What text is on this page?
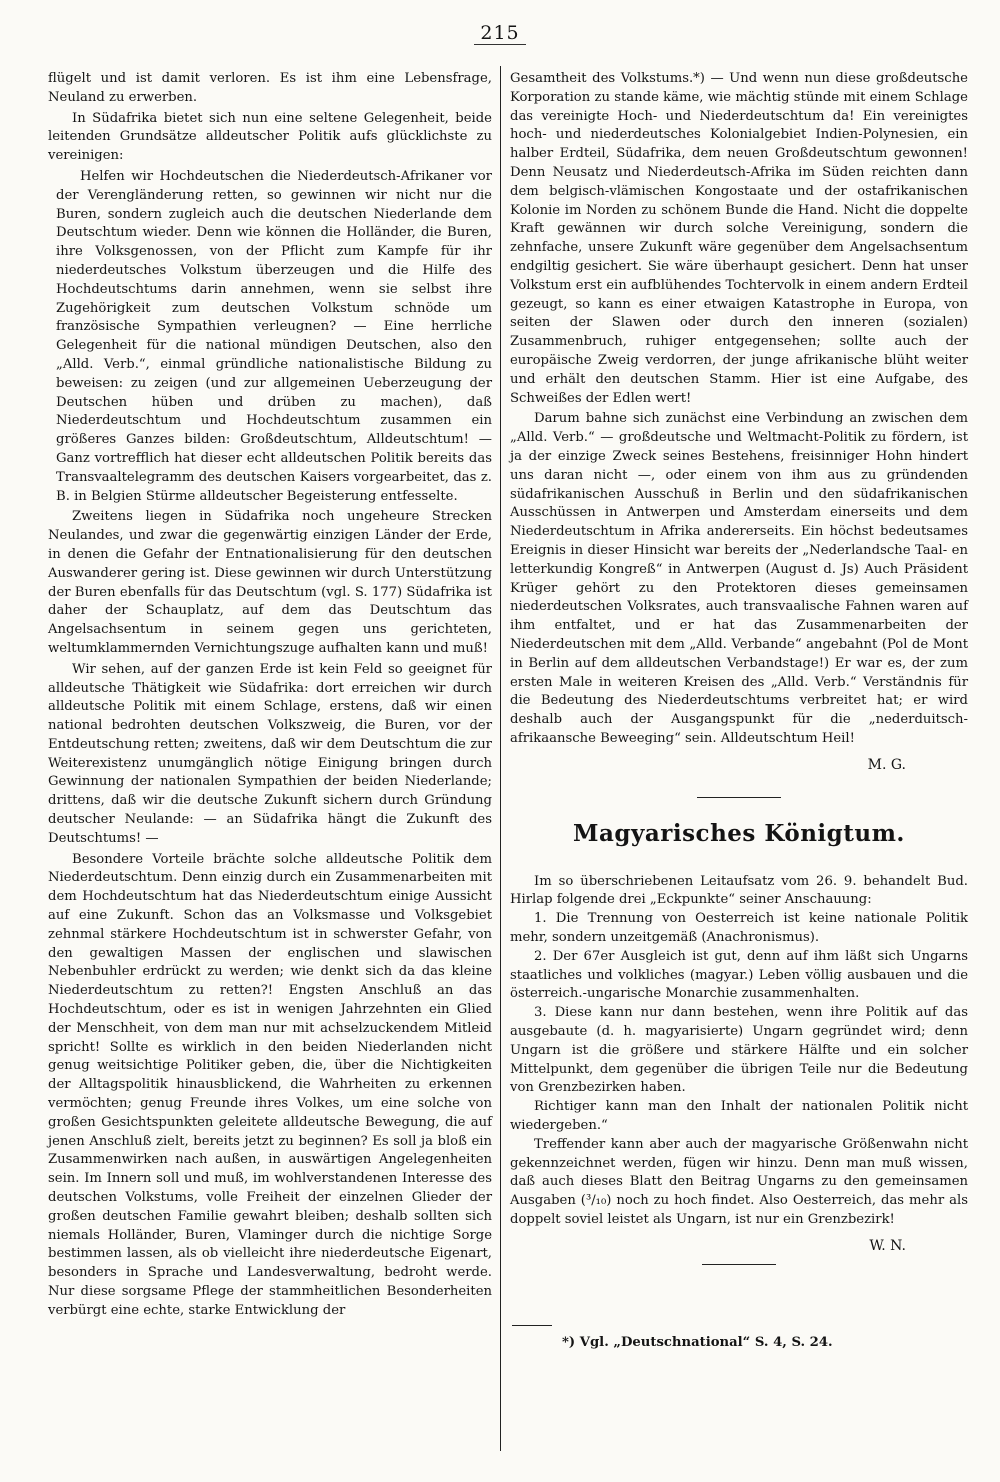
215

flügelt und ist damit verloren. Es ist ihm eine Lebensfrage, Neuland zu erwerben.

In Südafrika bietet sich nun eine seltene Gelegenheit, beide leitenden Grundsätze alldeutscher Politik aufs glücklichste zu vereinigen:

Helfen wir Hochdeutschen die Niederdeutsch-Afrikaner vor der Verengländerung retten, so gewinnen wir nicht nur die Buren, sondern zugleich auch die deutschen Niederlande dem Deutschtum wieder. Denn wie können die Holländer, die Buren, ihre Volksgenossen, von der Pflicht zum Kampfe für ihr niederdeutsches Volkstum überzeugen und die Hilfe des Hochdeutschtums darin annehmen, wenn sie selbst ihre Zugehörigkeit zum deutschen Volkstum schnöde um französische Sympathien verleugnen? — Eine herrliche Gelegenheit für die national mündigen Deutschen, also den „Alld. Verb.“, einmal gründliche nationalistische Bildung zu beweisen: zu zeigen (und zur allgemeinen Ueberzeugung der Deutschen hüben und drüben zu machen), daß Niederdeutschtum und Hochdeutschtum zusammen ein größeres Ganzes bilden: Großdeutschtum, Alldeutschtum! — Ganz vortrefflich hat dieser echt alldeutschen Politik bereits das Transvaaltelegramm des deutschen Kaisers vorgearbeitet, das z. B. in Belgien Stürme alldeutscher Begeisterung entfesselte.

Zweitens liegen in Südafrika noch ungeheure Strecken Neulandes, und zwar die gegenwärtig einzigen Länder der Erde, in denen die Gefahr der Entnationalisierung für den deutschen Auswanderer gering ist. Diese gewinnen wir durch Unterstützung der Buren ebenfalls für das Deutschtum (vgl. S. 177) Südafrika ist daher der Schauplatz, auf dem das Deutschtum das Angelsachsentum in seinem gegen uns gerichteten, weltumklammernden Vernichtungszuge aufhalten kann und muß!

Wir sehen, auf der ganzen Erde ist kein Feld so geeignet für alldeutsche Thätigkeit wie Südafrika: dort erreichen wir durch alldeutsche Politik mit einem Schlage, erstens, daß wir einen national bedrohten deutschen Volkszweig, die Buren, vor der Entdeutschung retten; zweitens, daß wir dem Deutschtum die zur Weiterexistenz unumgänglich nötige Einigung bringen durch Gewinnung der nationalen Sympathien der beiden Niederlande; drittens, daß wir die deutsche Zukunft sichern durch Gründung deutscher Neulande: — an Südafrika hängt die Zukunft des Deutschtums! —

Besondere Vorteile brächte solche alldeutsche Politik dem Niederdeutschtum. Denn einzig durch ein Zusammenarbeiten mit dem Hochdeutschtum hat das Niederdeutschtum einige Aussicht auf eine Zukunft. Schon das an Volksmasse und Volksgebiet zehnmal stärkere Hochdeutschtum ist in schwerster Gefahr, von den gewaltigen Massen der englischen und slawischen Nebenbuhler erdrückt zu werden; wie denkt sich da das kleine Niederdeutschtum zu retten?! Engsten Anschluß an das Hochdeutschtum, oder es ist in wenigen Jahrzehnten ein Glied der Menschheit, von dem man nur mit achselzuckendem Mitleid spricht! Sollte es wirklich in den beiden Niederlanden nicht genug weitsichtige Politiker geben, die, über die Nichtigkeiten der Alltagspolitik hinausblickend, die Wahrheiten zu erkennen vermöchten; genug Freunde ihres Volkes, um eine solche von großen Gesichtspunkten geleitete alldeutsche Bewegung, die auf jenen Anschluß zielt, bereits jetzt zu beginnen? Es soll ja bloß ein Zusammenwirken nach außen, in auswärtigen Angelegenheiten sein. Im Innern soll und muß, im wohlverstandenen Interesse des deutschen Volkstums, volle Freiheit der einzelnen Glieder der großen deutschen Familie gewahrt bleiben; deshalb sollten sich niemals Holländer, Buren, Vlaminger durch die nichtige Sorge bestimmen lassen, als ob vielleicht ihre niederdeutsche Eigenart, besonders in Sprache und Landesverwaltung, bedroht werde. Nur diese sorgsame Pflege der stammheitlichen Besonderheiten verbürgt eine echte, starke Entwicklung der

Gesamtheit des Volkstums.*) — Und wenn nun diese großdeutsche Korporation zu stande käme, wie mächtig stünde mit einem Schlage das vereinigte Hoch- und Niederdeutschtum da! Ein vereinigtes hoch- und niederdeutsches Kolonialgebiet Indien-Polynesien, ein halber Erdteil, Südafrika, dem neuen Großdeutschtum gewonnen! Denn Neusatz und Niederdeutsch-Afrika im Süden reichten dann dem belgisch-vlämischen Kongostaate und der ostafrikanischen Kolonie im Norden zu schönem Bunde die Hand. Nicht die doppelte Kraft gewännen wir durch solche Vereinigung, sondern die zehnfache, unsere Zukunft wäre gegenüber dem Angelsachsentum endgiltig gesichert. Sie wäre überhaupt gesichert. Denn hat unser Volkstum erst ein aufblühendes Tochtervolk in einem andern Erdteil gezeugt, so kann es einer etwaigen Katastrophe in Europa, von seiten der Slawen oder durch den inneren (sozialen) Zusammenbruch, ruhiger entgegensehen; sollte auch der europäische Zweig verdorren, der junge afrikanische blüht weiter und erhält den deutschen Stamm. Hier ist eine Aufgabe, des Schweißes der Edlen wert!

Darum bahne sich zunächst eine Verbindung an zwischen dem „Alld. Verb.“ — großdeutsche und Weltmacht-Politik zu fördern, ist ja der einzige Zweck seines Bestehens, freisinniger Hohn hindert uns daran nicht —, oder einem von ihm aus zu gründenden südafrikanischen Ausschuß in Berlin und den südafrikanischen Ausschüssen in Antwerpen und Amsterdam einerseits und dem Niederdeutschtum in Afrika andererseits. Ein höchst bedeutsames Ereignis in dieser Hinsicht war bereits der „Nederlandsche Taal- en letterkundig Kongreß“ in Antwerpen (August d. Js) Auch Präsident Krüger gehört zu den Protektoren dieses gemeinsamen niederdeutschen Volksrates, auch transvaalische Fahnen waren auf ihm entfaltet, und er hat das Zusammenarbeiten der Niederdeutschen mit dem „Alld. Verbande“ angebahnt (Pol de Mont in Berlin auf dem alldeutschen Verbandstage!) Er war es, der zum ersten Male in weiteren Kreisen des „Alld. Verb.“ Verständnis für die Bedeutung des Niederdeutschtums verbreitet hat; er wird deshalb auch der Ausgangspunkt für die „nederduitsch-afrikaansche Beweeging“ sein. Alldeutschtum Heil!

M. G.
Magyarisches Königtum.

Im so überschriebenen Leitaufsatz vom 26. 9. behandelt Bud. Hirlap folgende drei „Eckpunkte“ seiner Anschauung:

1. Die Trennung von Oesterreich ist keine nationale Politik mehr, sondern unzeitgemäß (Anachronismus).

2. Der 67er Ausgleich ist gut, denn auf ihm läßt sich Ungarns staatliches und volkliches (magyar.) Leben völlig ausbauen und die österreich.-ungarische Monarchie zusammenhalten.

3. Diese kann nur dann bestehen, wenn ihre Politik auf das ausgebaute (d. h. magyarisierte) Ungarn gegründet wird; denn Ungarn ist die größere und stärkere Hälfte und ein solcher Mittelpunkt, dem gegenüber die übrigen Teile nur die Bedeutung von Grenzbezirken haben.

Richtiger kann man den Inhalt der nationalen Politik nicht wiedergeben.“

Treffender kann aber auch der magyarische Größenwahn nicht gekennzeichnet werden, fügen wir hinzu. Denn man muß wissen, daß auch dieses Blatt den Beitrag Ungarns zu den gemeinsamen Ausgaben (³/₁₀) noch zu hoch findet. Also Oesterreich, das mehr als doppelt soviel leistet als Ungarn, ist nur ein Grenzbezirk!

W. N.

*) Vgl. „Deutschnational“ S. 4, S. 24.
